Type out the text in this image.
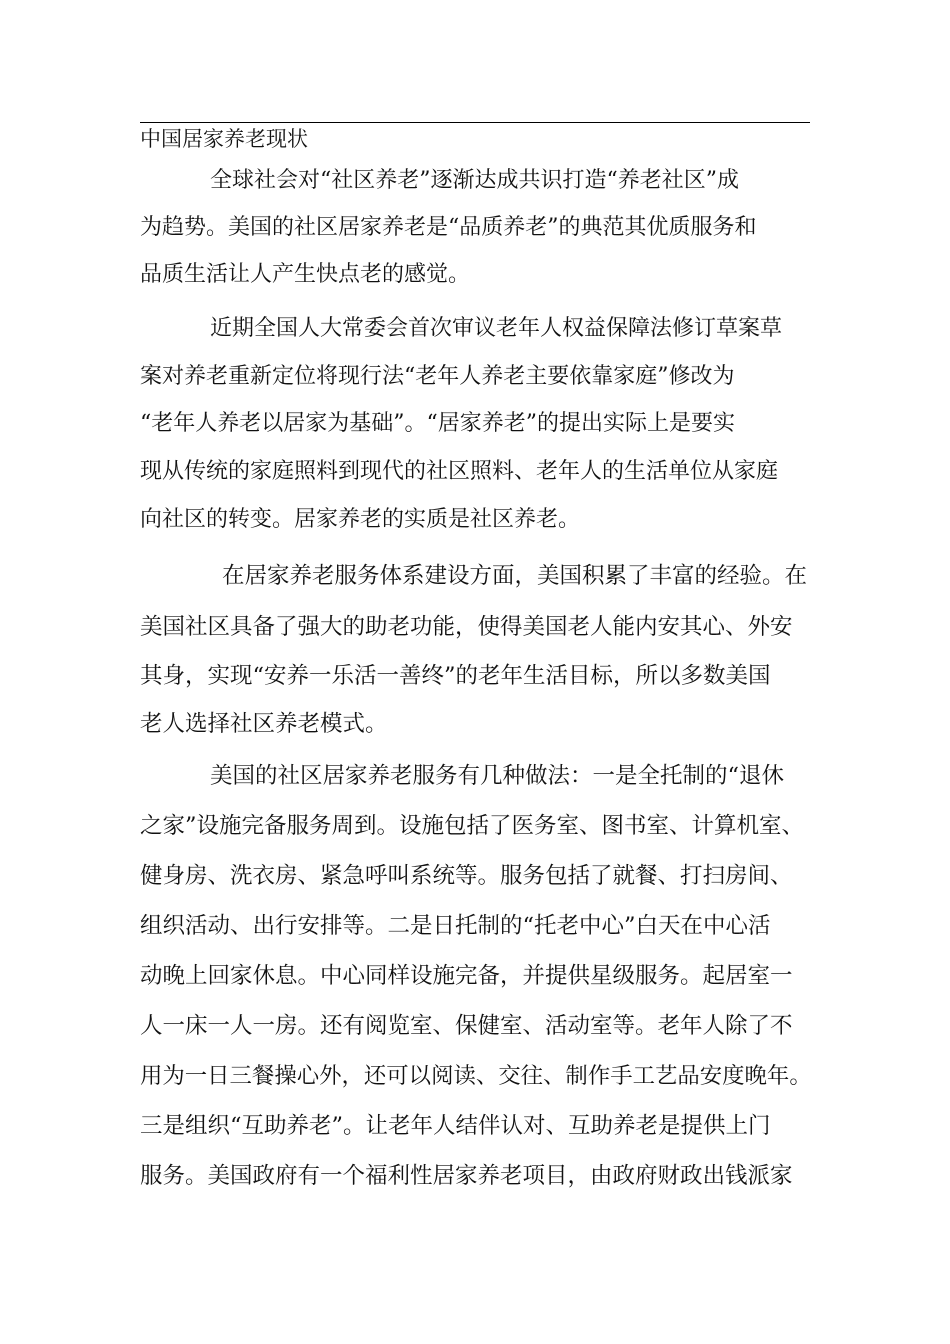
中国居家养老现状
全球社会对“社区养老”逐渐达成共识打造“养老社区”成
为趋势。美国的社区居家养老是“品质养老”的典范其优质服务和
品质生活让人产生快点老的感觉。
近期全国人大常委会首次审议老年人权益保障法修订草案草
案对养老重新定位将现行法“老年人养老主要依靠家庭”修改为
“老年人养老以居家为基础”。“居家养老”的提出实际上是要实
现从传统的家庭照料到现代的社区照料、老年人的生活单位从家庭
向社区的转变。居家养老的实质是社区养老。
在居家养老服务体系建设方面，美国积累了丰富的经验。在
美国社区具备了强大的助老功能，使得美国老人能内安其心、外安
其身，实现“安养一乐活一善终”的老年生活目标，所以多数美国
老人选择社区养老模式。
美国的社区居家养老服务有几种做法：一是全托制的“退休
之家”设施完备服务周到。设施包括了医务室、图书室、计算机室、
健身房、洗衣房、紧急呼叫系统等。服务包括了就餐、打扫房间、
组织活动、出行安排等。二是日托制的“托老中心”白天在中心活
动晚上回家休息。中心同样设施完备，并提供星级服务。起居室一
人一床一人一房。还有阅览室、保健室、活动室等。老年人除了不
用为一日三餐操心外，还可以阅读、交往、制作手工艺品安度晚年。
三是组织“互助养老”。让老年人结伴认对、互助养老是提供上门
服务。美国政府有一个福利性居家养老项目，由政府财政出钱派家
